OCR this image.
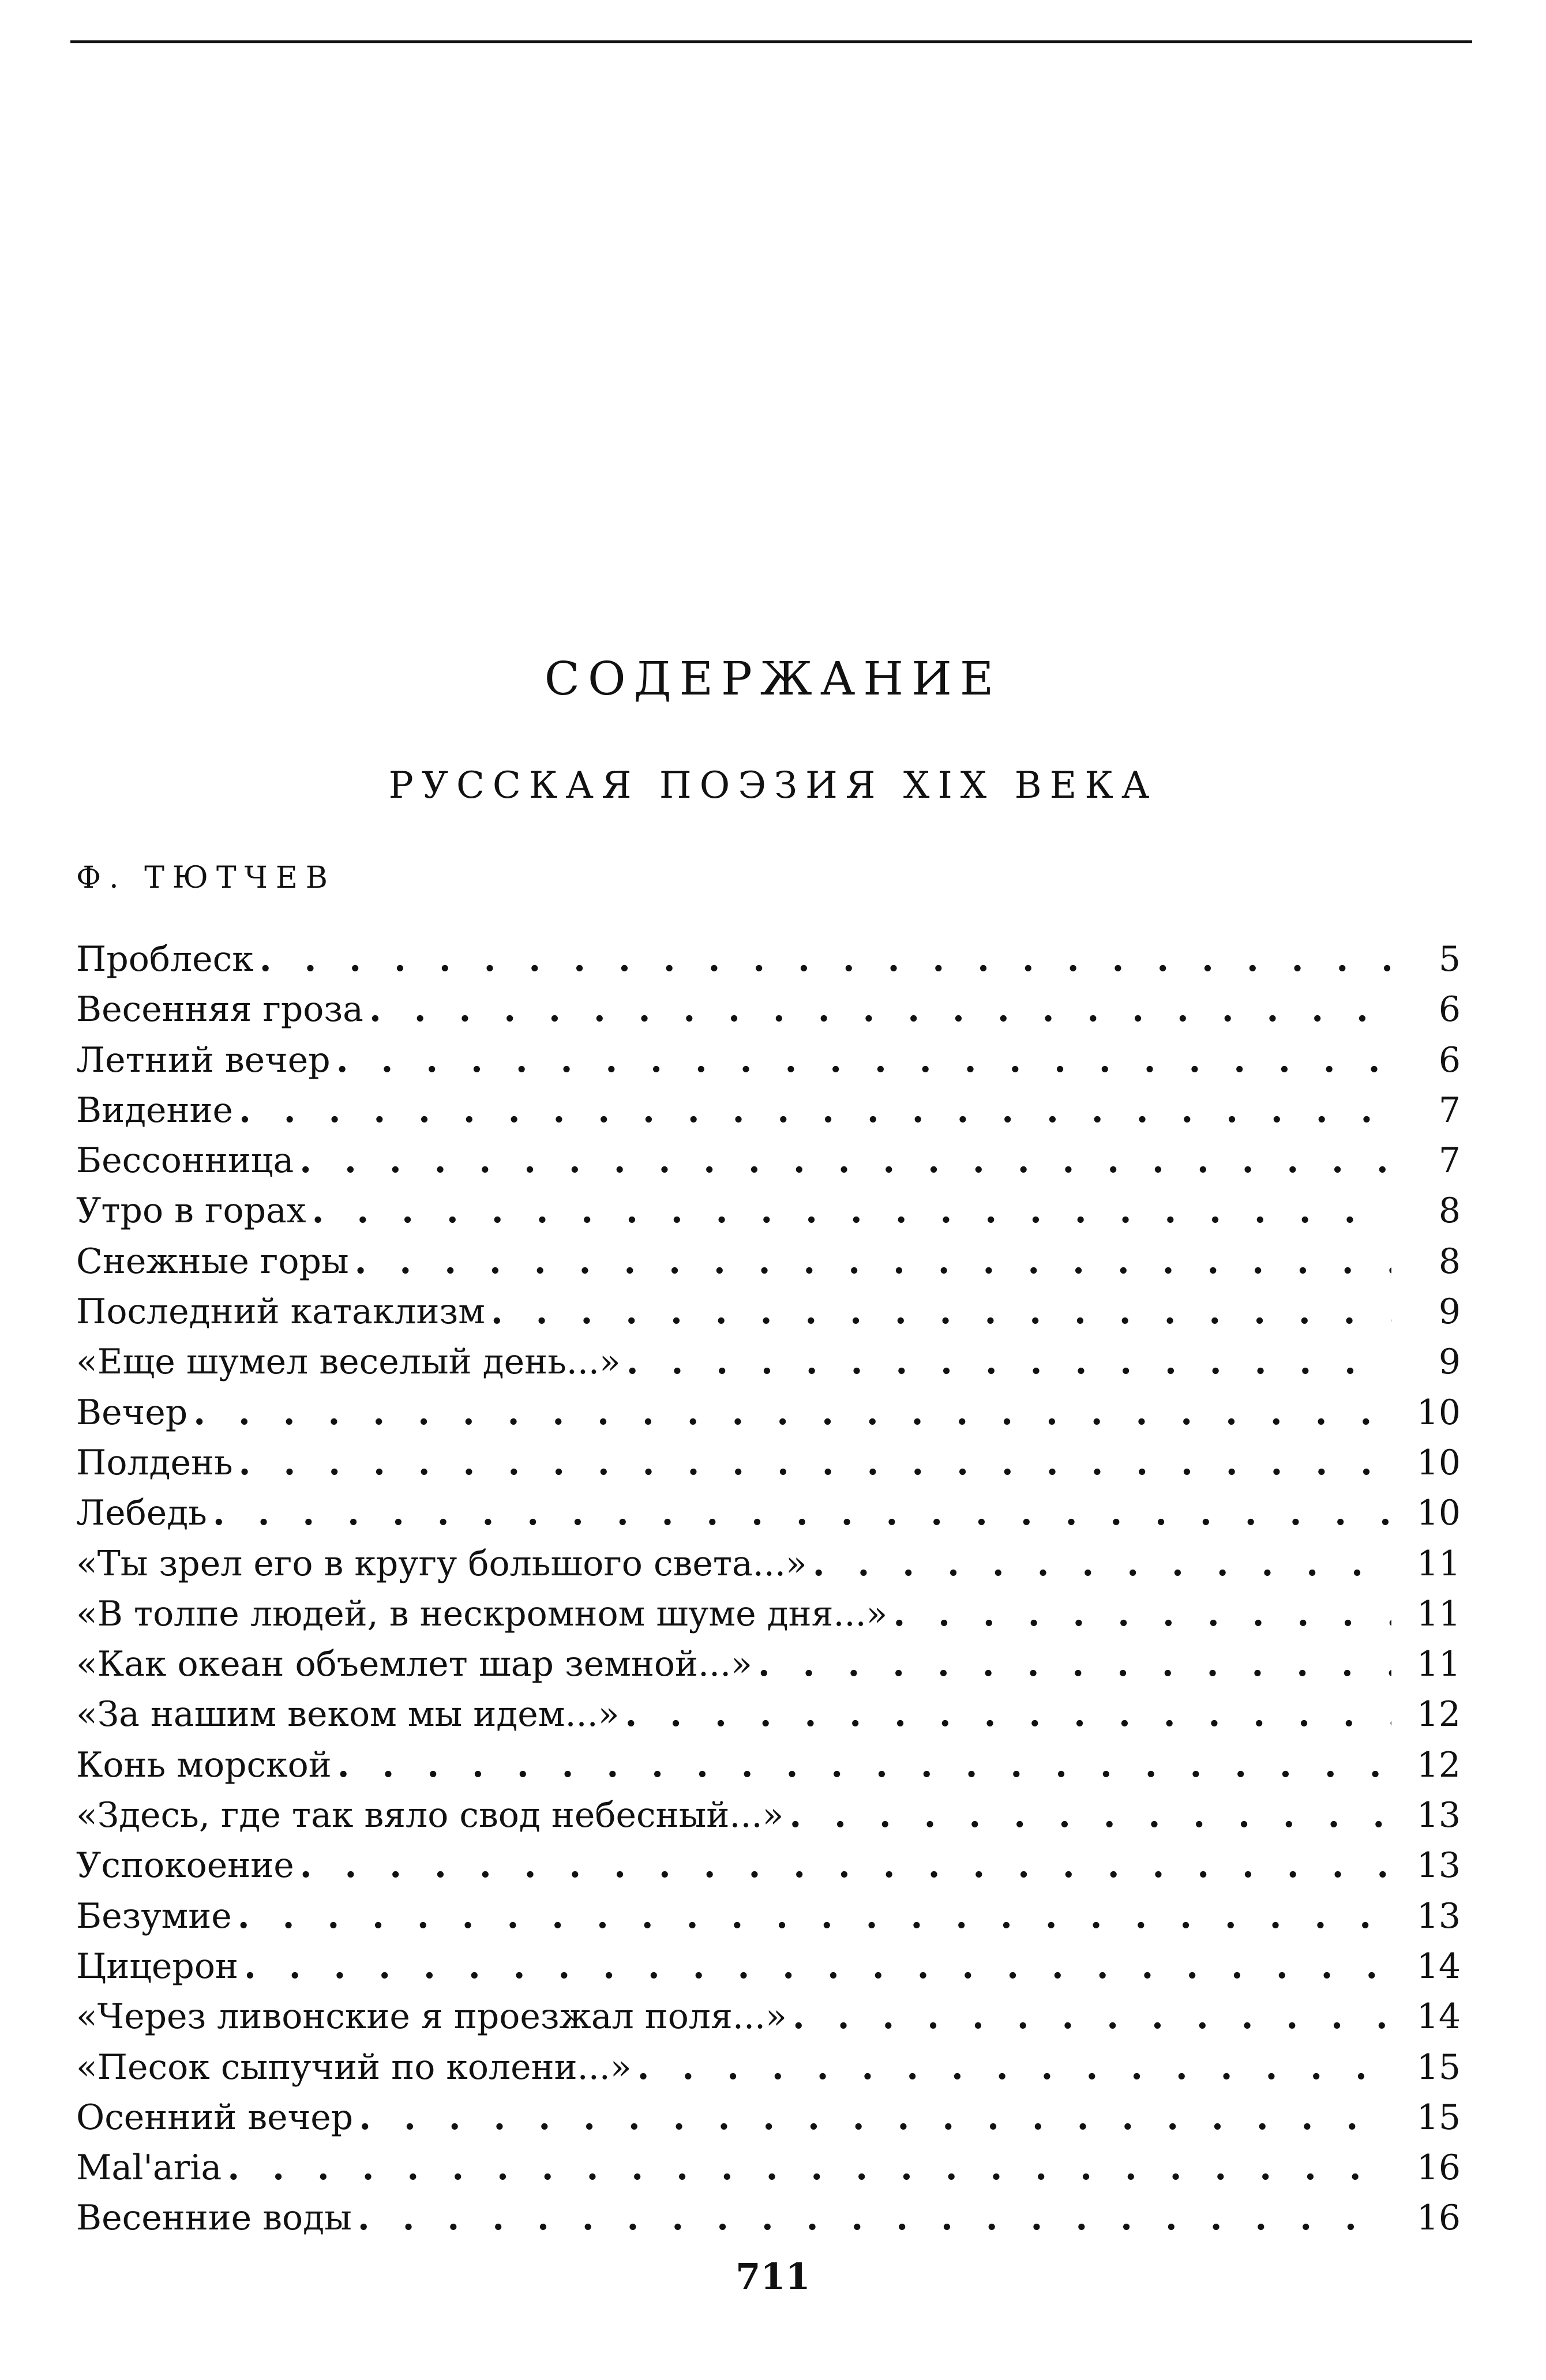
СОДЕРЖАНИЕ
РУССКАЯ ПОЭЗИЯ XIX ВЕКА
Ф. ТЮТЧЕВ
Проблеск . . .	5
Весенняя гроза . . .	6
Летний вечер . . .	6
Видение . . .	7
Бессонница . . .	7
Утро в горах . . .	8
Снежные горы . . .	8
Последний катаклизм . . .	9
«Еще шумел веселый день...» . . .	9
Вечер . . .	10
Полдень . . .	10
Лебедь . . .	10
«Ты зрел его в кругу большого света...» . . .	11
«В толпе людей, в нескромном шуме дня...» . . .	11
«Как океан объемлет шар земной...» . . .	11
«За нашим веком мы идем...» . . .	12
Конь морской . . .	12
«Здесь, где так вяло свод небесный...» . . .	13
Успокоение . . .	13
Безумие . . .	13
Цицерон . . .	14
«Через ливонские я проезжал поля...» . . .	14
«Песок сыпучий по колени...» . . .	15
Осенний вечер . . .	15
Mal'aria . . .	16
Весенние воды . . .	16
711
